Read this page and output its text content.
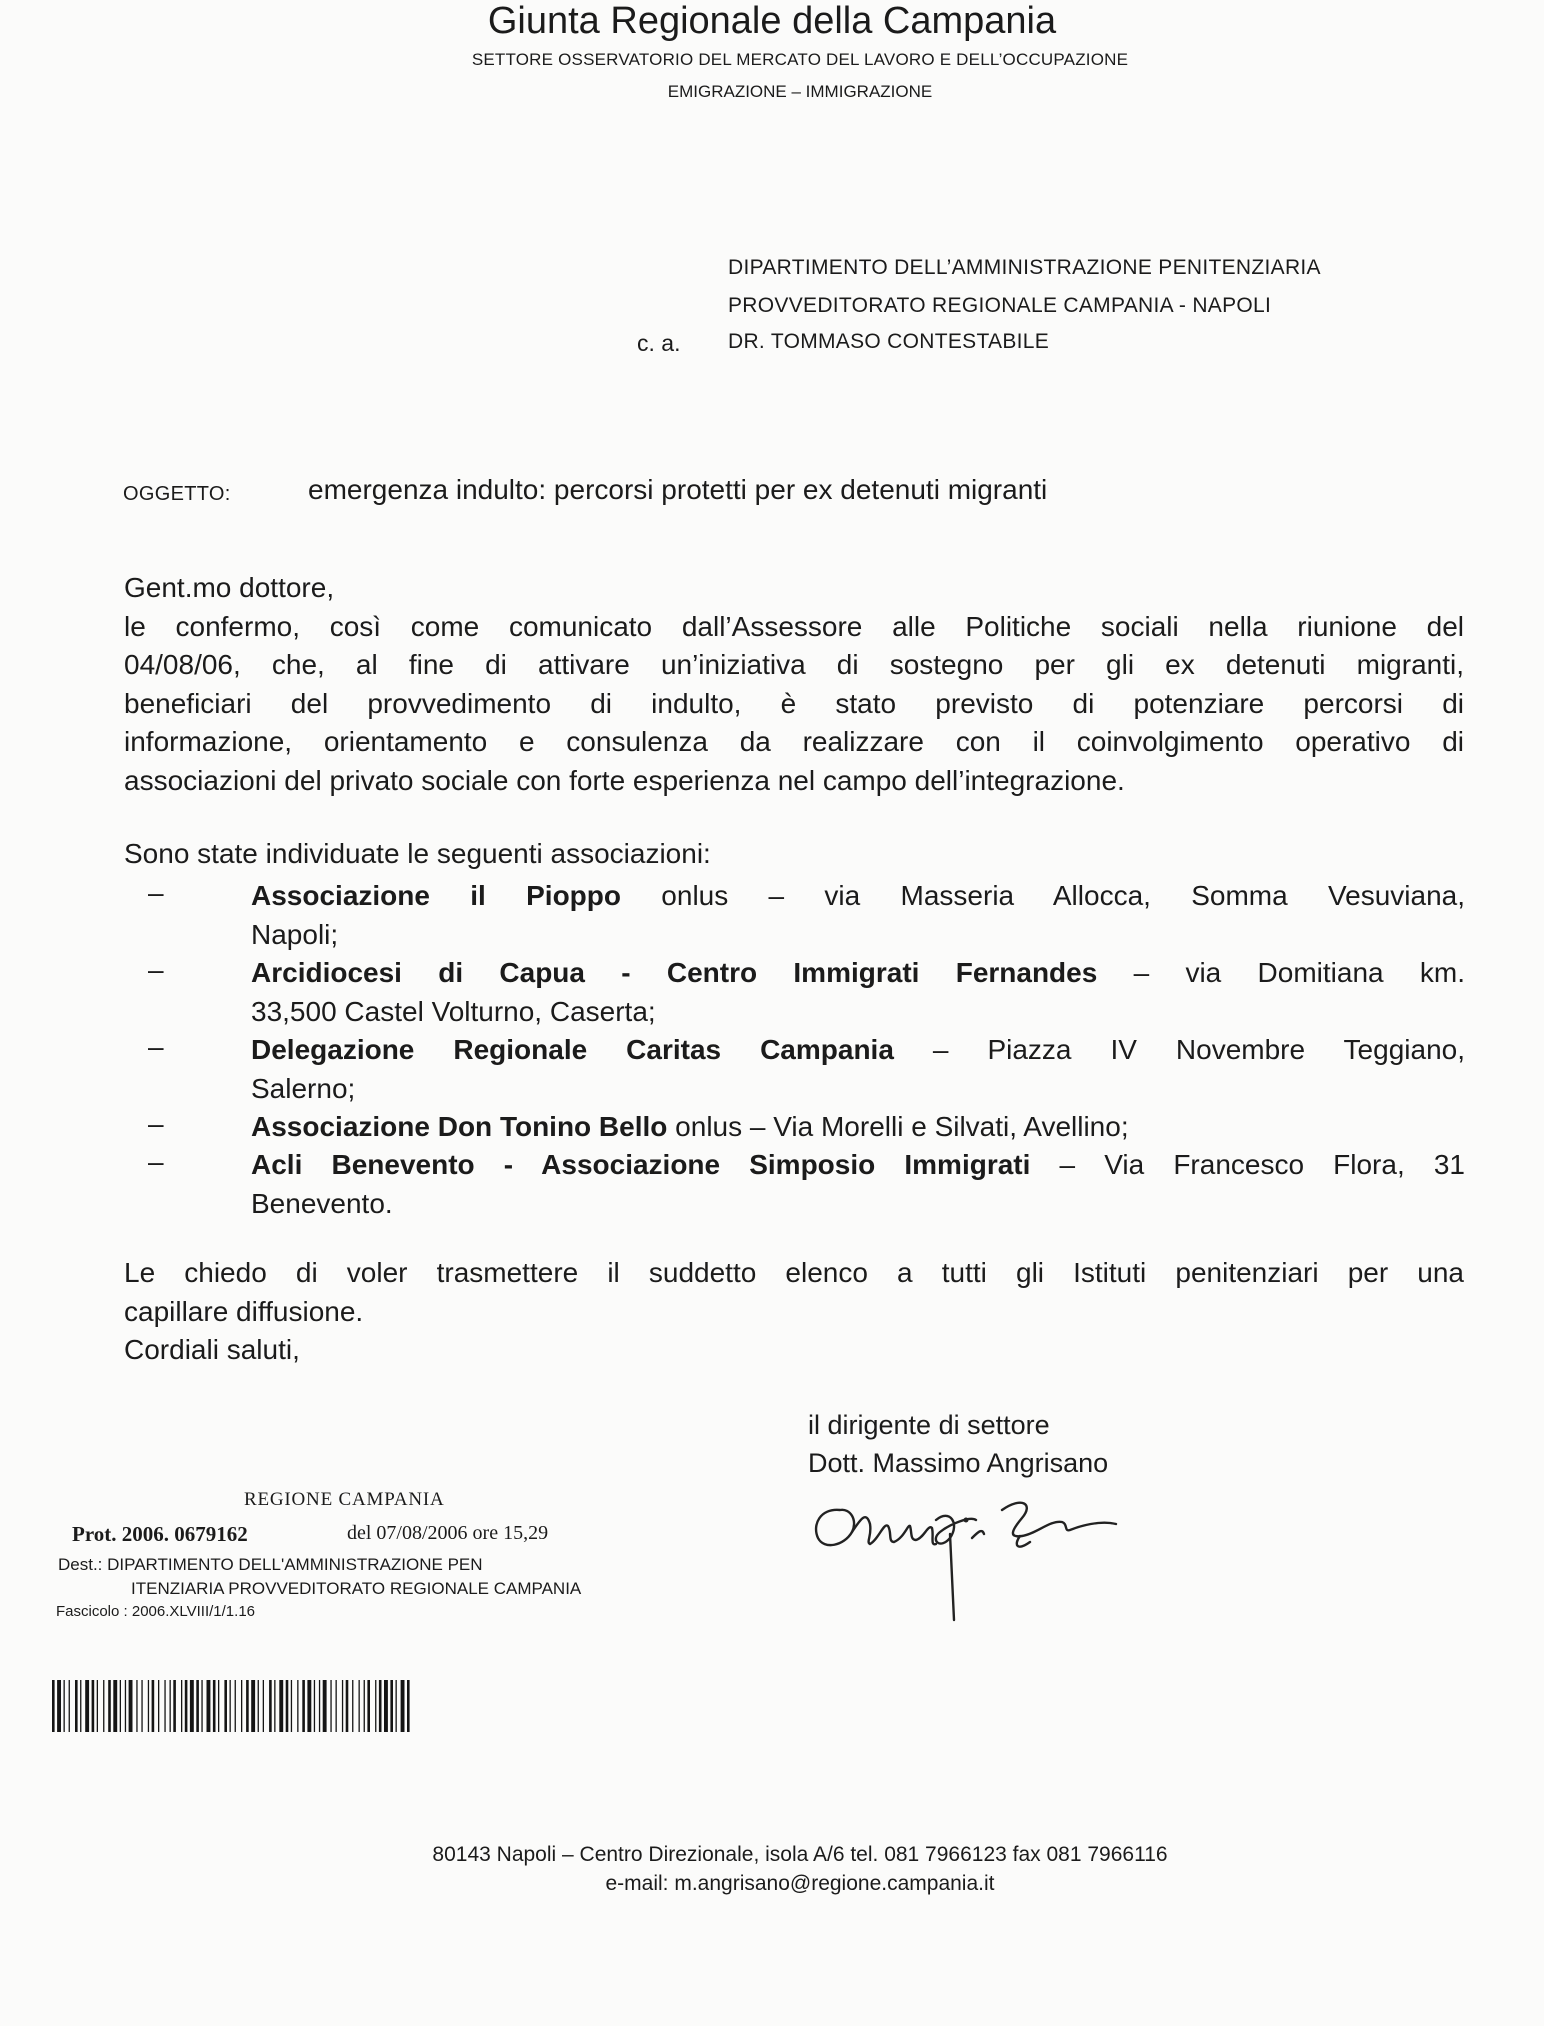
Giunta Regionale della Campania
SETTORE OSSERVATORIO DEL MERCATO DEL LAVORO E DELL’OCCUPAZIONE
EMIGRAZIONE – IMMIGRAZIONE
DIPARTIMENTO DELL’AMMINISTRAZIONE PENITENZIARIA
PROVVEDITORATO REGIONALE CAMPANIA - NAPOLI
c. a. DR. TOMMASO CONTESTABILE
OGGETTO:	emergenza indulto: percorsi protetti per ex detenuti migranti
Gent.mo dottore,
le confermo, così come comunicato dall’Assessore alle Politiche sociali nella riunione del
04/08/06, che, al fine di attivare un’iniziativa di sostegno per gli ex detenuti migranti,
beneficiari del provvedimento di indulto, è stato previsto di potenziare percorsi di
informazione, orientamento e consulenza da realizzare con il coinvolgimento operativo di
associazioni del privato sociale con forte esperienza nel campo dell’integrazione.
Sono state individuate le seguenti associazioni:
–	Associazione il Pioppo onlus – via Masseria Allocca, Somma Vesuviana,
Napoli;
–	Arcidiocesi di Capua - Centro Immigrati Fernandes – via Domitiana km.
33,500 Castel Volturno, Caserta;
–	Delegazione Regionale Caritas Campania – Piazza IV Novembre Teggiano,
Salerno;
–	Associazione Don Tonino Bello onlus – Via Morelli e Silvati, Avellino;
–	Acli Benevento - Associazione Simposio Immigrati – Via Francesco Flora, 31
Benevento.
Le chiedo di voler trasmettere il suddetto elenco a tutti gli Istituti penitenziari per una
capillare diffusione.
Cordiali saluti,
il dirigente di settore
Dott. Massimo Angrisano
REGIONE CAMPANIA
Prot. 2006. 0679162	del 07/08/2006 ore 15,29
Dest.: DIPARTIMENTO DELL'AMMINISTRAZIONE PEN
ITENZIARIA PROVVEDITORATO REGIONALE CAMPANIA
Fascicolo : 2006.XLVIII/1/1.16
80143 Napoli – Centro Direzionale, isola A/6 tel. 081 7966123 fax 081 7966116
e-mail: m.angrisano@regione.campania.it
